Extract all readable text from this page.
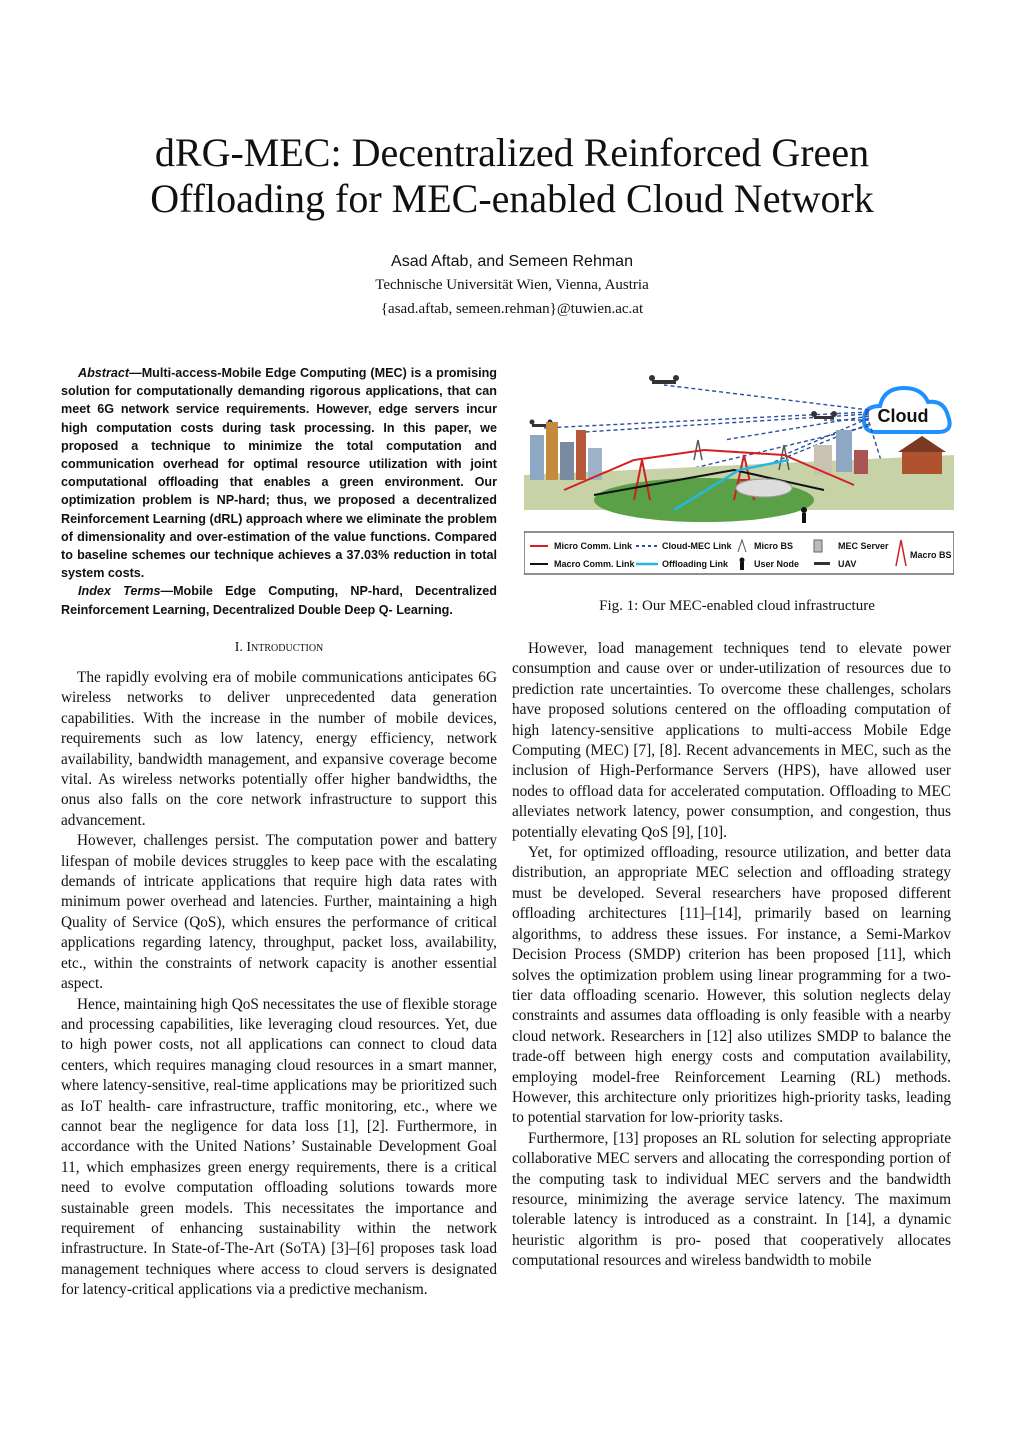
dRG-MEC: Decentralized Reinforced Green
Offloading for MEC-enabled Cloud Network
Asad Aftab, and Semeen Rehman
Technische Universität Wien, Vienna, Austria
{asad.aftab, semeen.rehman}@tuwien.ac.at

Abstract—Multi-access-Mobile Edge Computing (MEC) is a promising solution for computationally demanding rigorous applications, that can meet 6G network service requirements. However, edge servers incur high computation costs during task processing. In this paper, we proposed a technique to minimize the total computation and communication overhead for optimal resource utilization with joint computational offloading that enables a green environment. Our optimization problem is NP-hard; thus, we proposed a decentralized Reinforcement Learning (dRL) approach where we eliminate the problem of dimensionality and over-estimation of the value functions. Compared to baseline schemes our technique achieves a 37.03% reduction in total system costs.

Index Terms—Mobile Edge Computing, NP-hard, Decentralized Reinforcement Learning, Decentralized Double Deep Q- Learning.

Cloud
Micro Comm. Link
Macro Comm. Link
Cloud-MEC Link
Offloading Link
Micro BS
User Node
MEC Server
UAV
Macro BS
Fig. 1: Our MEC-enabled cloud infrastructure
I. Introduction

The rapidly evolving era of mobile communications anticipates 6G wireless networks to deliver unprecedented data generation capabilities. With the increase in the number of mobile devices, requirements such as low latency, energy efficiency, network availability, bandwidth management, and expansive coverage become vital. As wireless networks potentially offer higher bandwidths, the onus also falls on the core network infrastructure to support this advancement.

However, challenges persist. The computation power and battery lifespan of mobile devices struggles to keep pace with the escalating demands of intricate applications that require high data rates with minimum power overhead and latencies. Further, maintaining a high Quality of Service (QoS), which ensures the performance of critical applications regarding latency, throughput, packet loss, availability, etc., within the constraints of network capacity is another essential aspect.

Hence, maintaining high QoS necessitates the use of flexible storage and processing capabilities, like leveraging cloud resources. Yet, due to high power costs, not all applications can connect to cloud data centers, which requires managing cloud resources in a smart manner, where latency-sensitive, real-time applications may be prioritized such as IoT health- care infrastructure, traffic monitoring, etc., where we cannot bear the negligence for data loss [1], [2]. Furthermore, in accordance with the United Nations’ Sustainable Development Goal 11, which emphasizes green energy requirements, there is a critical need to evolve computation offloading solutions towards more sustainable green models. This necessitates the importance and requirement of enhancing sustainability within the network infrastructure. In State-of-The-Art (SoTA) [3]–[6] proposes task load management techniques where access to cloud servers is designated for latency-critical applications via a predictive mechanism.

However, load management techniques tend to elevate power consumption and cause over or under-utilization of resources due to prediction rate uncertainties. To overcome these challenges, scholars have proposed solutions centered on the offloading computation of high latency-sensitive applications to multi-access Mobile Edge Computing (MEC) [7], [8]. Recent advancements in MEC, such as the inclusion of High-Performance Servers (HPS), have allowed user nodes to offload data for accelerated computation. Offloading to MEC alleviates network latency, power consumption, and congestion, thus potentially elevating QoS [9], [10].

Yet, for optimized offloading, resource utilization, and better data distribution, an appropriate MEC selection and offloading strategy must be developed. Several researchers have proposed different offloading architectures [11]–[14], primarily based on learning algorithms, to address these issues. For instance, a Semi-Markov Decision Process (SMDP) criterion has been proposed [11], which solves the optimization problem using linear programming for a two-tier data offloading scenario. However, this solution neglects delay constraints and assumes data offloading is only feasible with a nearby cloud network. Researchers in [12] also utilizes SMDP to balance the trade-off between high energy costs and computation availability, employing model-free Reinforcement Learning (RL) methods. However, this architecture only prioritizes high-priority tasks, leading to potential starvation for low-priority tasks.

Furthermore, [13] proposes an RL solution for selecting appropriate collaborative MEC servers and allocating the corresponding portion of the computing task to individual MEC servers and the bandwidth resource, minimizing the average service latency. The maximum tolerable latency is introduced as a constraint. In [14], a dynamic heuristic algorithm is pro- posed that cooperatively allocates computational resources and wireless bandwidth to mobile
